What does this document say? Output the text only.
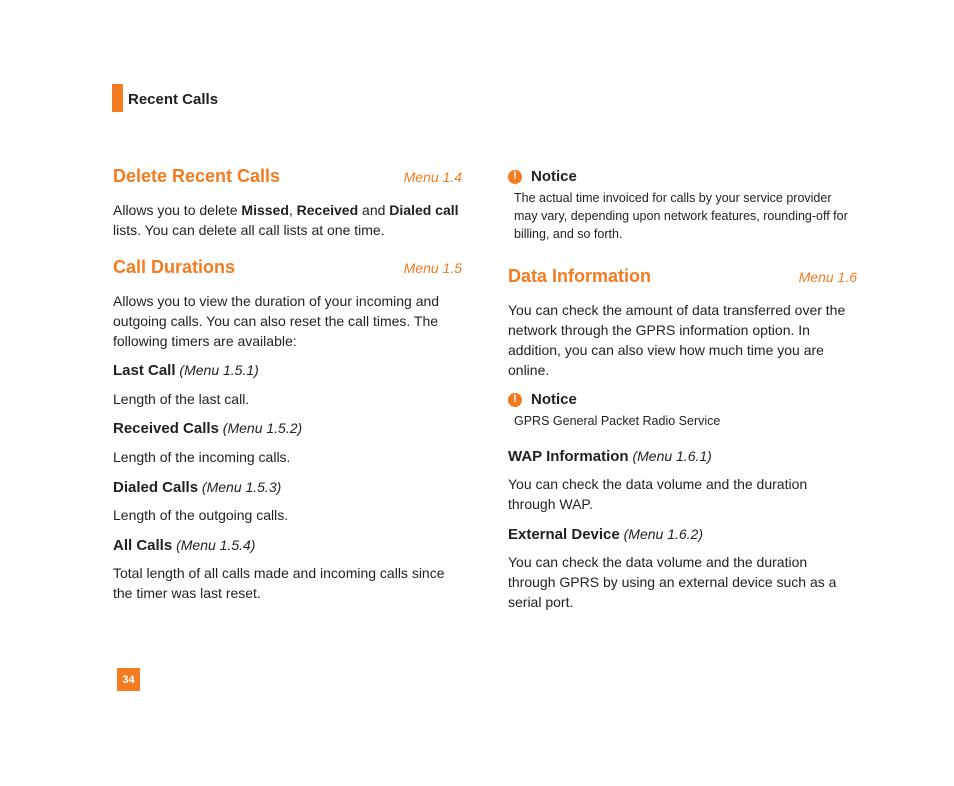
Recent Calls
Delete Recent Calls	Menu 1.4
Allows you to delete Missed, Received and Dialed call lists. You can delete all call lists at one time.
Call Durations	Menu 1.5
Allows you to view the duration of your incoming and outgoing calls. You can also reset the call times. The following timers are available:
Last Call (Menu 1.5.1)
Length of the last call.
Received Calls (Menu 1.5.2)
Length of the incoming calls.
Dialed Calls (Menu 1.5.3)
Length of the outgoing calls.
All Calls (Menu 1.5.4)
Total length of all calls made and incoming calls since the timer was last reset.
! Notice
The actual time invoiced for calls by your service provider may vary, depending upon network features, rounding-off for billing, and so forth.
Data Information	Menu 1.6
You can check the amount of data transferred over the network through the GPRS information option. In addition, you can also view how much time you are online.
! Notice
GPRS General Packet Radio Service
WAP Information (Menu 1.6.1)
You can check the data volume and the duration through WAP.
External Device (Menu 1.6.2)
You can check the data volume and the duration through GPRS by using an external device such as a serial port.
34
